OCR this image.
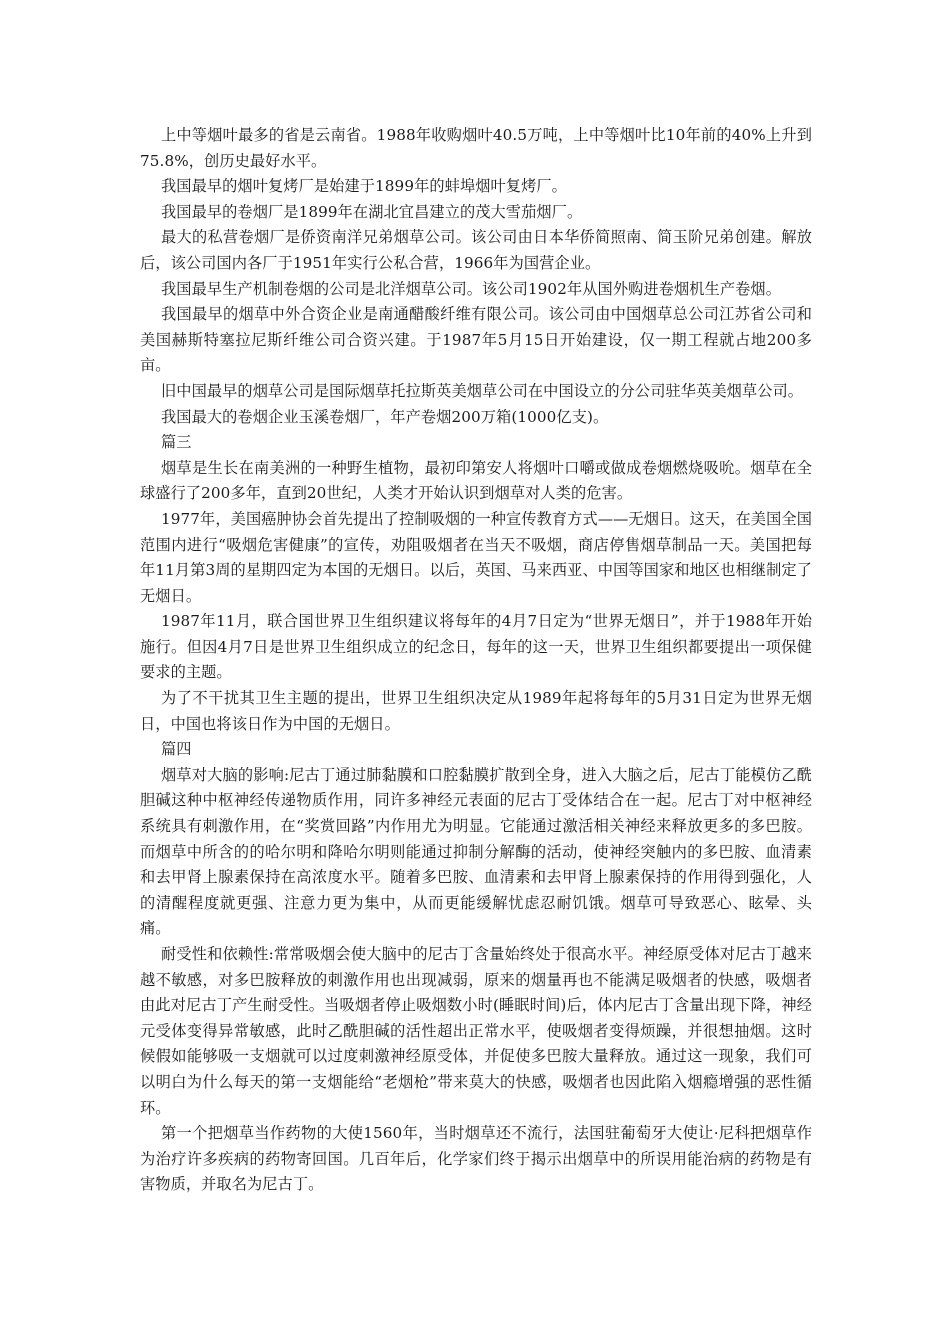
上中等烟叶最多的省是云南省。1988年收购烟叶40.5万吨，上中等烟叶比10年前的40%上升到75.8%，创历史最好水平。

我国最早的烟叶复烤厂是始建于1899年的蚌埠烟叶复烤厂。

我国最早的卷烟厂是1899年在湖北宜昌建立的茂大雪茄烟厂。

最大的私营卷烟厂是侨资南洋兄弟烟草公司。该公司由日本华侨简照南、简玉阶兄弟创建。解放后，该公司国内各厂于1951年实行公私合营，1966年为国营企业。

我国最早生产机制卷烟的公司是北洋烟草公司。该公司1902年从国外购进卷烟机生产卷烟。

我国最早的烟草中外合资企业是南通醋酸纤维有限公司。该公司由中国烟草总公司江苏省公司和美国赫斯特塞拉尼斯纤维公司合资兴建。于1987年5月15日开始建设，仅一期工程就占地200多亩。

旧中国最早的烟草公司是国际烟草托拉斯英美烟草公司在中国设立的分公司驻华英美烟草公司。

我国最大的卷烟企业玉溪卷烟厂，年产卷烟200万箱(1000亿支)。

篇三

烟草是生长在南美洲的一种野生植物，最初印第安人将烟叶口嚼或做成卷烟燃烧吸吮。烟草在全球盛行了200多年，直到20世纪，人类才开始认识到烟草对人类的危害。

1977年，美国癌肿协会首先提出了控制吸烟的一种宣传教育方式——无烟日。这天，在美国全国范围内进行“吸烟危害健康”的宣传，劝阻吸烟者在当天不吸烟，商店停售烟草制品一天。美国把每年11月第3周的星期四定为本国的无烟日。以后，英国、马来西亚、中国等国家和地区也相继制定了无烟日。

1987年11月，联合国世界卫生组织建议将每年的4月7日定为“世界无烟日”，并于1988年开始施行。但因4月7日是世界卫生组织成立的纪念日，每年的这一天，世界卫生组织都要提出一项保健要求的主题。

为了不干扰其卫生主题的提出，世界卫生组织决定从1989年起将每年的5月31日定为世界无烟日，中国也将该日作为中国的无烟日。

篇四

烟草对大脑的影响:尼古丁通过肺黏膜和口腔黏膜扩散到全身，进入大脑之后，尼古丁能模仿乙酰胆碱这种中枢神经传递物质作用，同许多神经元表面的尼古丁受体结合在一起。尼古丁对中枢神经系统具有刺激作用，在“奖赏回路”内作用尤为明显。它能通过激活相关神经来释放更多的多巴胺。而烟草中所含的的哈尔明和降哈尔明则能通过抑制分解酶的活动，使神经突触内的多巴胺、血清素和去甲肾上腺素保持在高浓度水平。随着多巴胺、血清素和去甲肾上腺素保持的作用得到强化，人的清醒程度就更强、注意力更为集中，从而更能缓解忧虑忍耐饥饿。烟草可导致恶心、眩晕、头痛。

耐受性和依赖性:常常吸烟会使大脑中的尼古丁含量始终处于很高水平。神经原受体对尼古丁越来越不敏感，对多巴胺释放的刺激作用也出现减弱，原来的烟量再也不能满足吸烟者的快感，吸烟者由此对尼古丁产生耐受性。当吸烟者停止吸烟数小时(睡眠时间)后，体内尼古丁含量出现下降，神经元受体变得异常敏感，此时乙酰胆碱的活性超出正常水平，使吸烟者变得烦躁，并很想抽烟。这时候假如能够吸一支烟就可以过度刺激神经原受体，并促使多巴胺大量释放。通过这一现象，我们可以明白为什么每天的第一支烟能给“老烟枪”带来莫大的快感，吸烟者也因此陷入烟瘾增强的恶性循环。

第一个把烟草当作药物的大使1560年，当时烟草还不流行，法国驻葡萄牙大使让·尼科把烟草作为治疗许多疾病的药物寄回国。几百年后，化学家们终于揭示出烟草中的所误用能治病的药物是有害物质，并取名为尼古丁。
